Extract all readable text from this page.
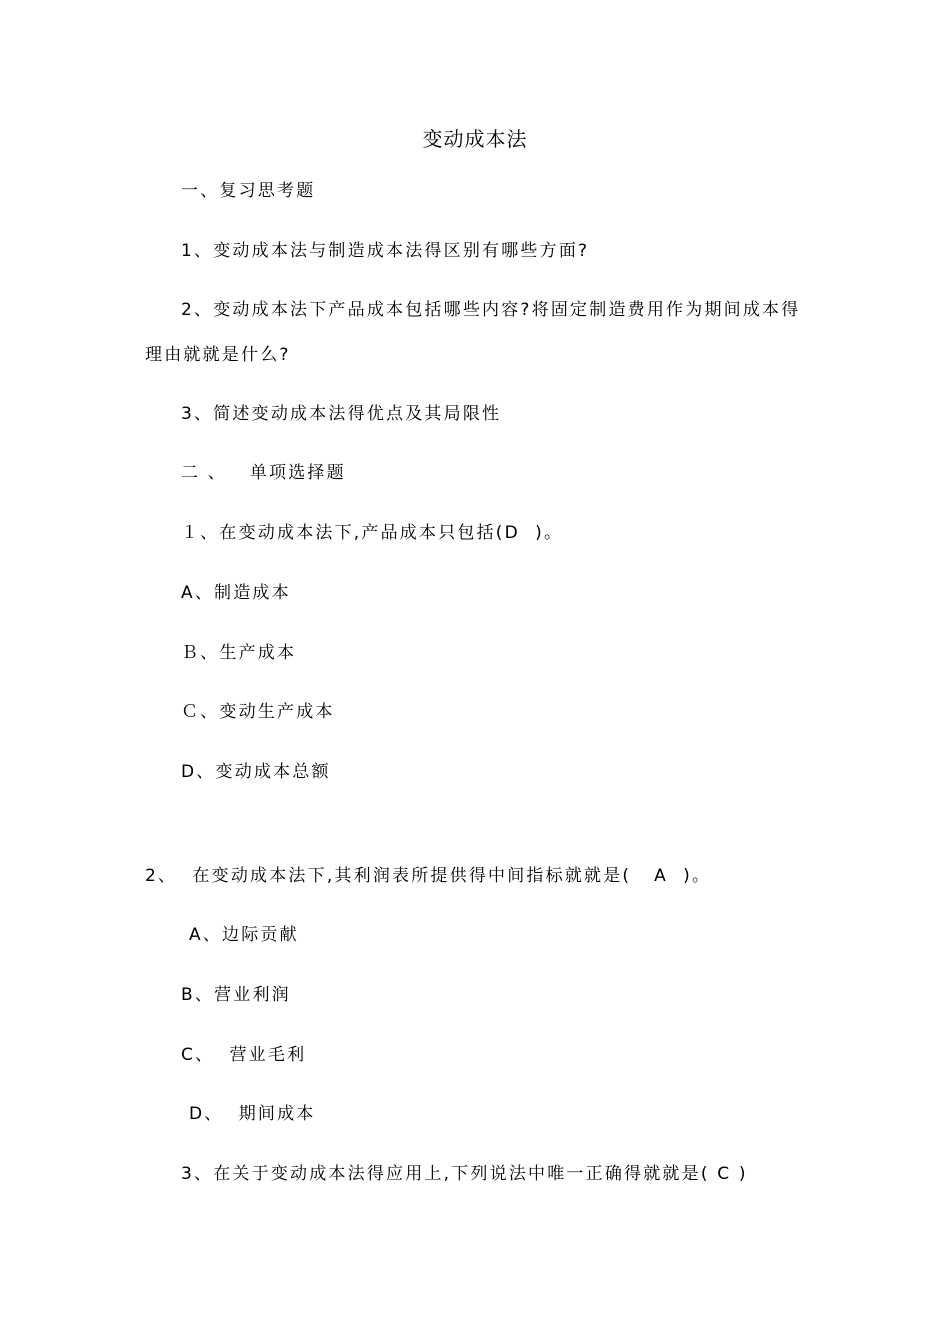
变动成本法
一、复习思考题
1、变动成本法与制造成本法得区别有哪些方面?
2、变动成本法下产品成本包括哪些内容?将固定制造费用作为期间成本得
理由就就是什么?
3、简述变动成本法得优点及其局限性
二 、   单项选择题
１、在变动成本法下,产品成本只包括(D  )。
A、制造成本
Ｂ、生产成本
Ｃ、变动生产成本
D、变动成本总额
2、  在变动成本法下,其利润表所提供得中间指标就就是(   A  )。
A、边际贡献
B、营业利润
C、  营业毛利
D、  期间成本
3、在关于变动成本法得应用上,下列说法中唯一正确得就就是( C )
